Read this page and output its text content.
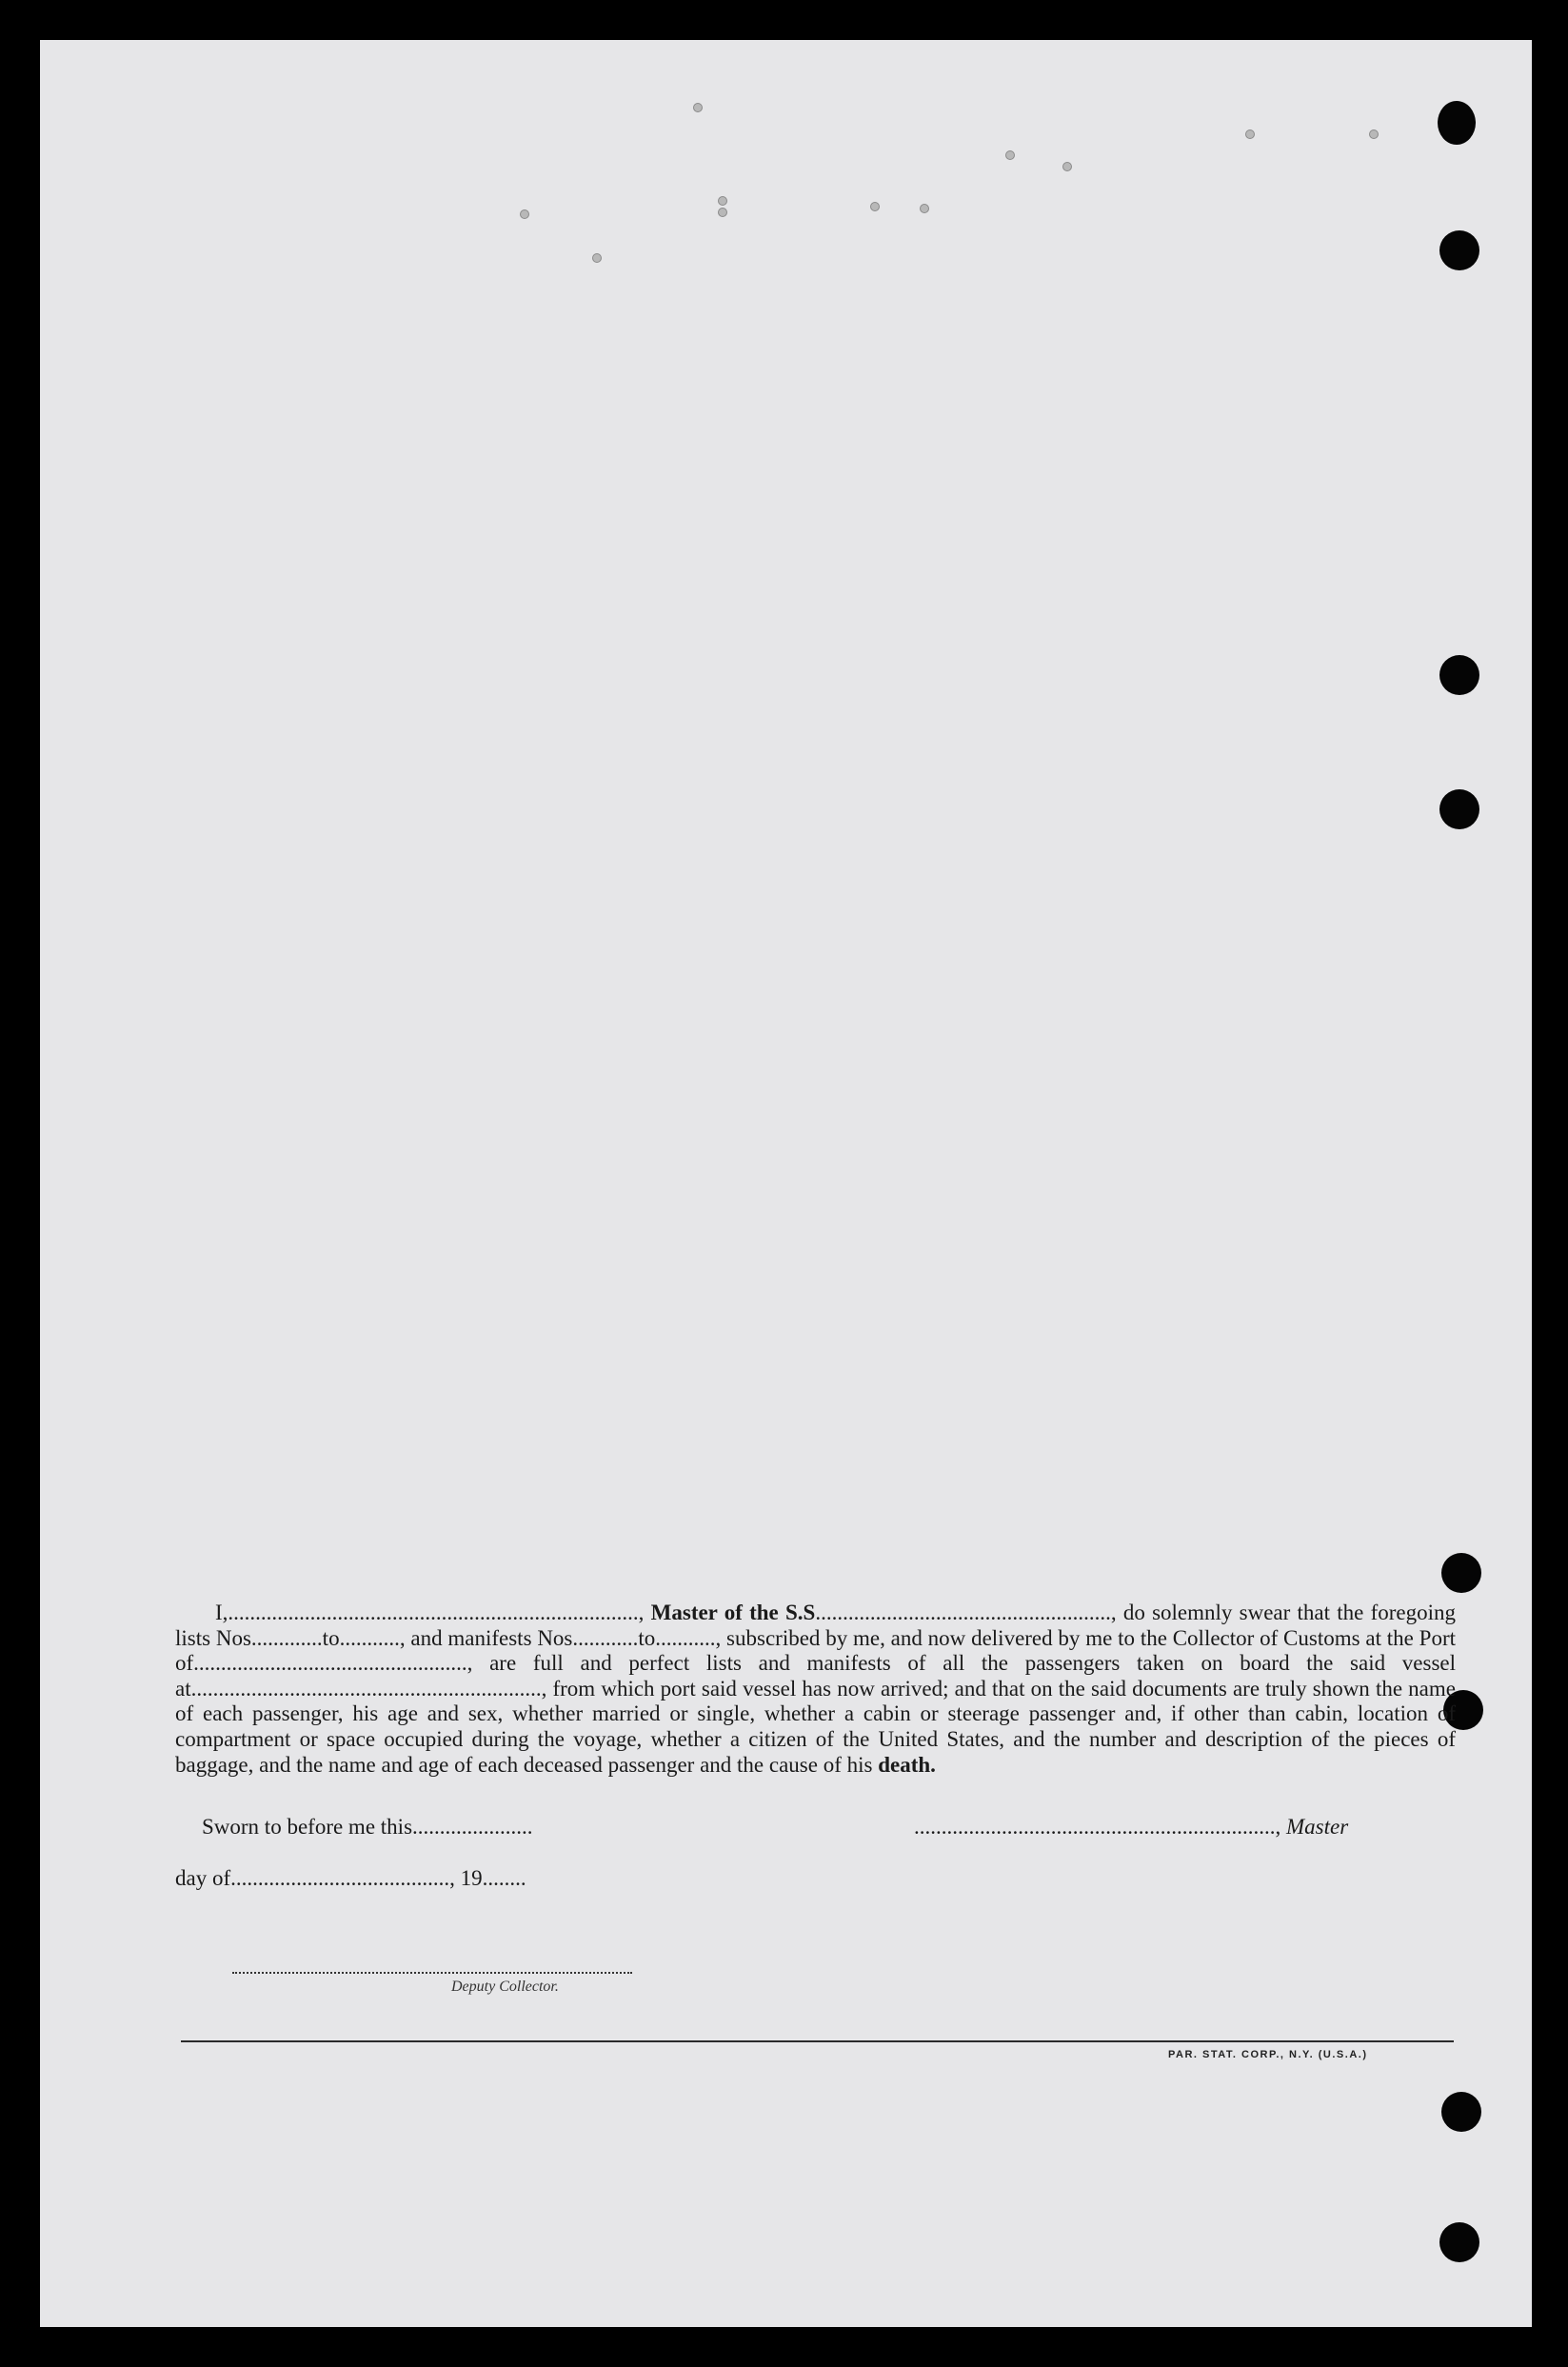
I,..........................................................................., Master of the S.S......................................................, do solemnly swear that the foregoing lists Nos.............to..........., and manifests Nos............to..........., subscribed by me, and now delivered by me to the Collector of Customs at the Port of.................................................., are full and perfect lists and manifests of all the passengers taken on board the said vessel at................................................................, from which port said vessel has now arrived; and that on the said documents are truly shown the name of each passenger, his age and sex, whether married or single, whether a cabin or steerage passenger and, if other than cabin, location of compartment or space occupied during the voyage, whether a citizen of the United States, and the number and description of the pieces of baggage, and the name and age of each deceased passenger and the cause of his death.

Sworn to before me this......................	.................................................................., Master
day of........................................, 19........
Deputy Collector.
PAR. STAT. CORP., N.Y. (U.S.A.)
